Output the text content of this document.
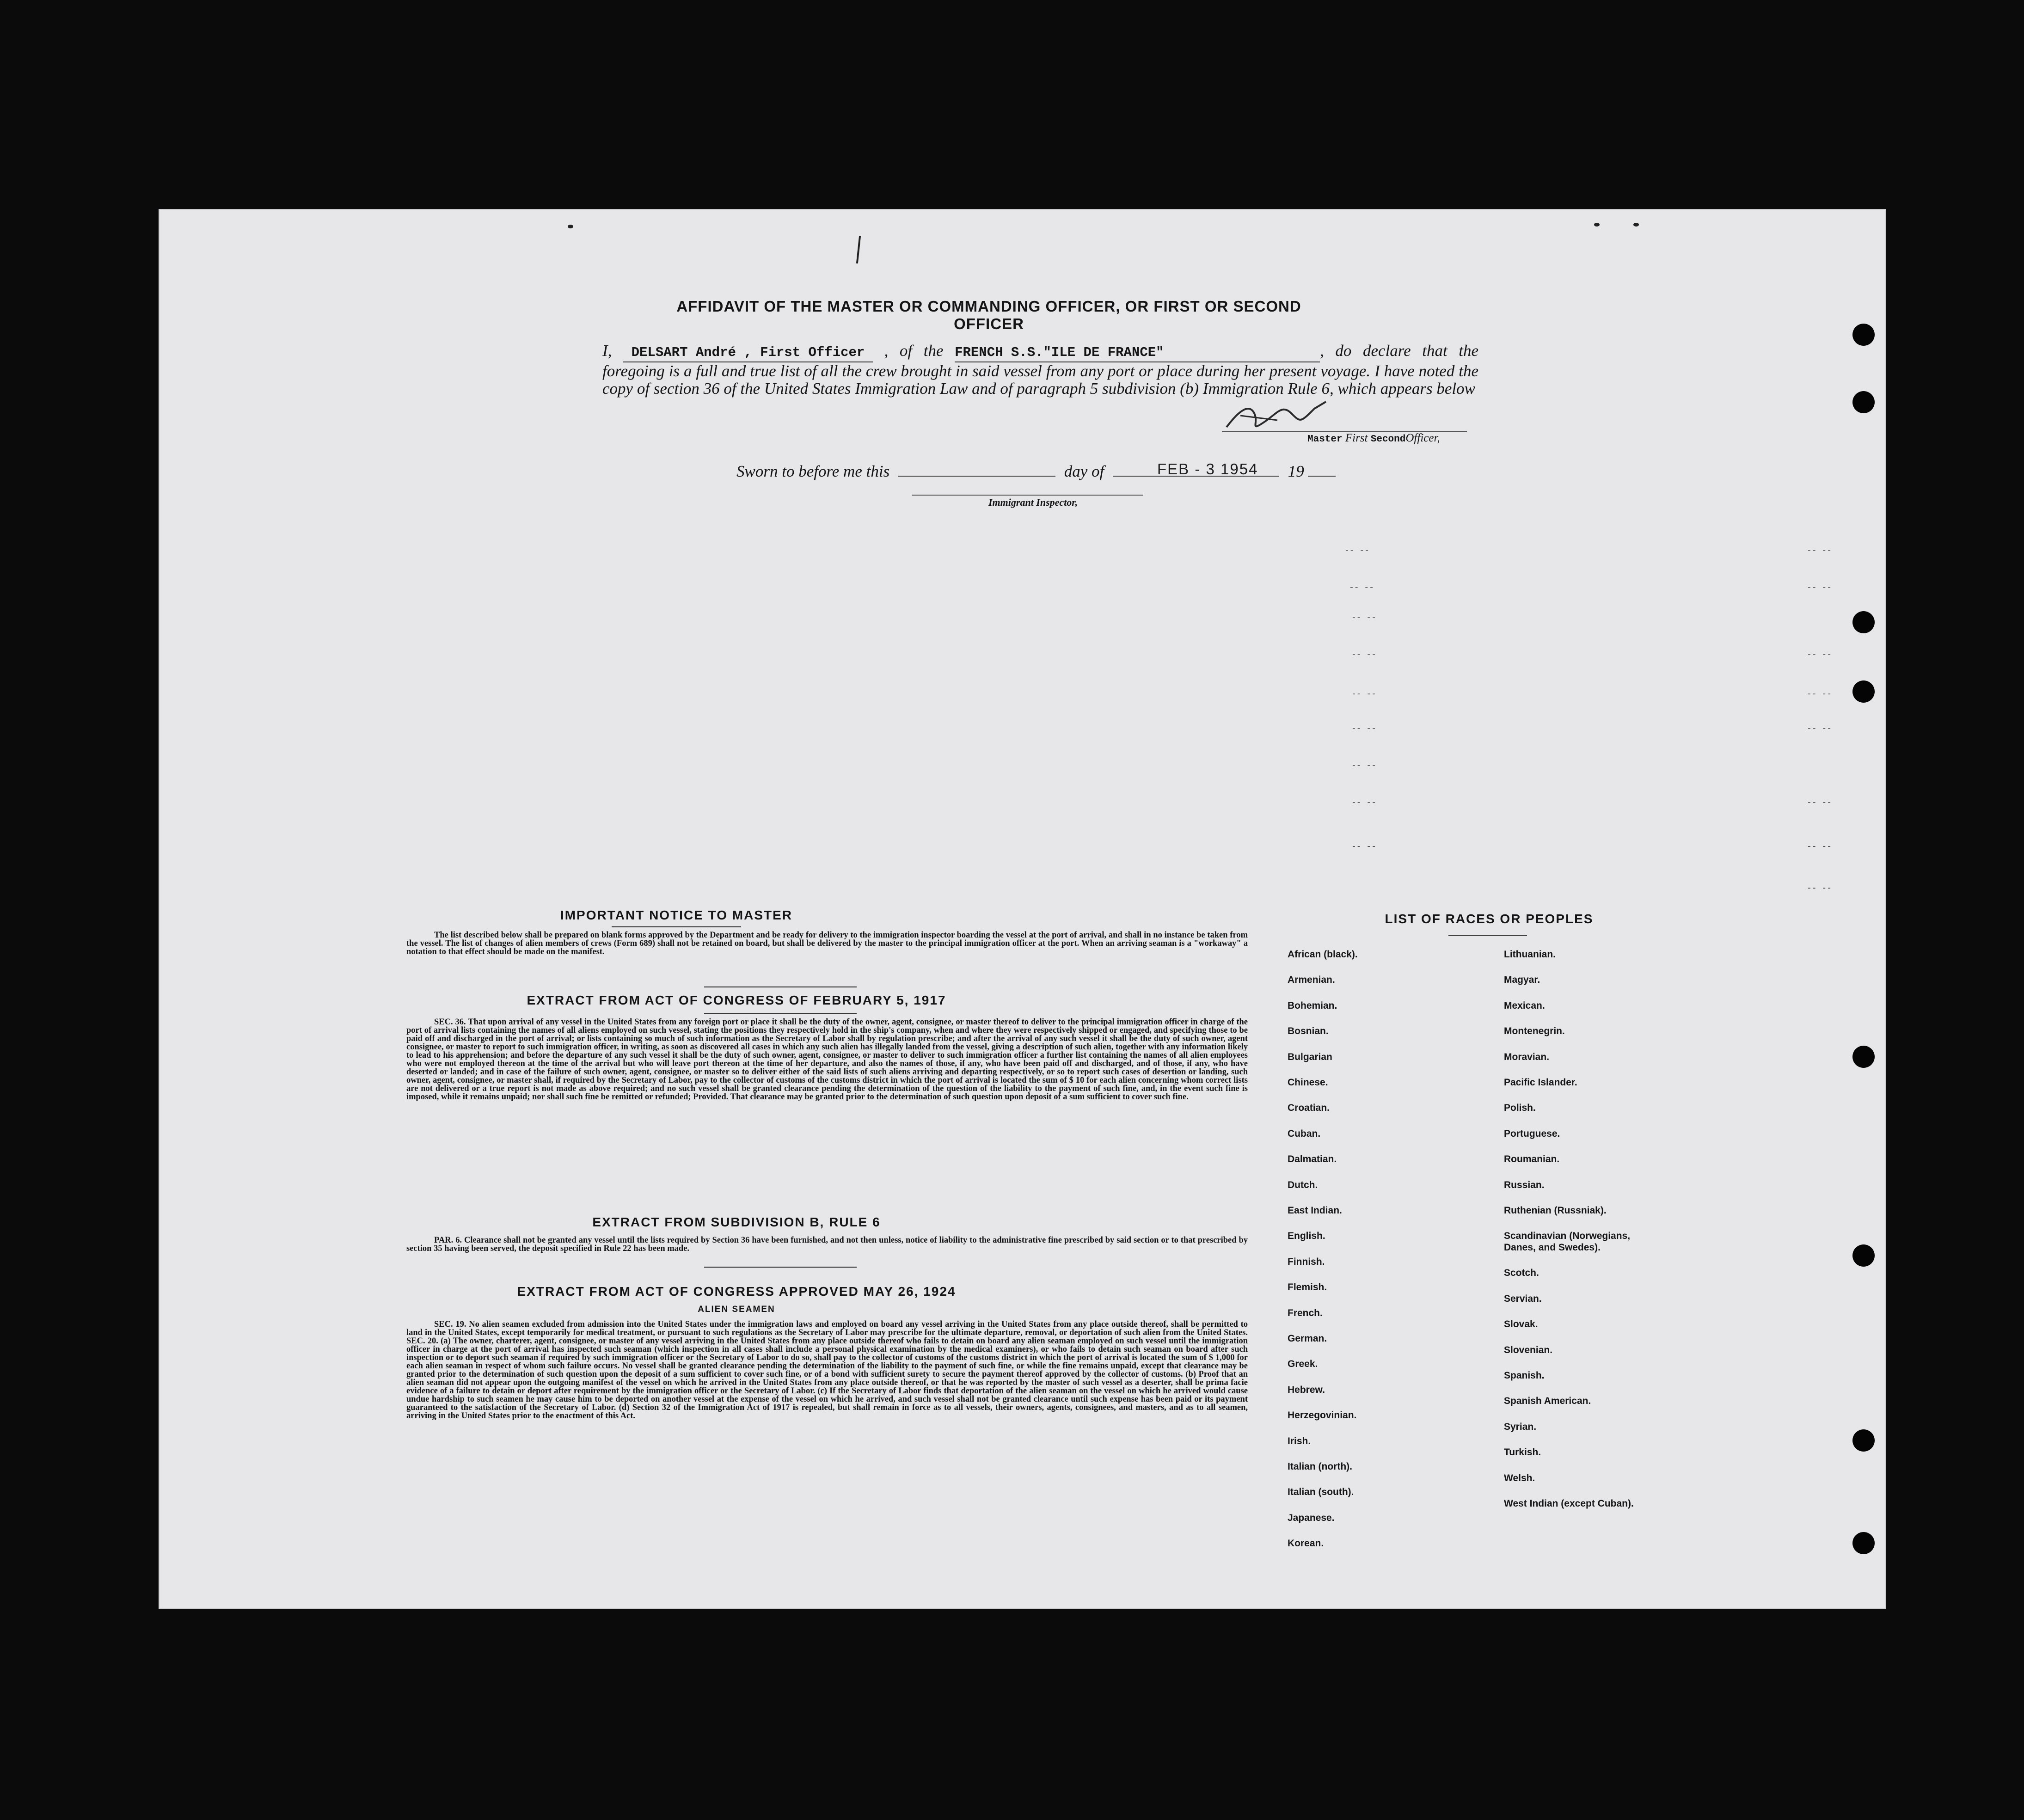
AFFIDAVIT OF THE MASTER OR COMMANDING OFFICER, OR FIRST OR SECOND OFFICER
I, DELSART André , First Officer , of the FRENCH S.S."ILE DE FRANCE"	, do declare that the foregoing is a full and true list of all the crew brought in said vessel from any port or place during her present voyage. I have noted the copy of section 36 of the United States Immigration Law and of paragraph 5 subdivision (b) Immigration Rule 6, which appears below
Master First SecondOfficer,
Sworn to before me this	day of	19
FEB - 3 1954
Immigrant Inspector,
-- --	-- --
-- --	-- --
-- --
-- --	-- --
-- --	-- --
-- --	-- --
-- --
-- --	-- --
-- --	-- --
-- --
IMPORTANT NOTICE TO MASTER
The list described below shall be prepared on blank forms approved by the Department and be ready for delivery to the immigration inspector boarding the vessel at the port of arrival, and shall in no instance be taken from the vessel. The list of changes of alien members of crews (Form 689) shall not be retained on board, but shall be delivered by the master to the principal immigration officer at the port. When an arriving seaman is a "workaway" a notation to that effect should be made on the manifest.
EXTRACT FROM ACT OF CONGRESS OF FEBRUARY 5, 1917
SEC. 36. That upon arrival of any vessel in the United States from any foreign port or place it shall be the duty of the owner, agent, consignee, or master thereof to deliver to the principal immigration officer in charge of the port of arrival lists containing the names of all aliens employed on such vessel, stating the positions they respectively hold in the ship's company, when and where they were respectively shipped or engaged, and specifying those to be paid off and discharged in the port of arrival; or lists containing so much of such information as the Secretary of Labor shall by regulation prescribe; and after the arrival of any such vessel it shall be the duty of such owner, agent consignee, or master to report to such immigration officer, in writing, as soon as discovered all cases in which any such alien has illegally landed from the vessel, giving a description of such alien, together with any information likely to lead to his apprehension; and before the departure of any such vessel it shall be the duty of such owner, agent, consignee, or master to deliver to such immigration officer a further list containing the names of all alien employees who were not employed thereon at the time of the arrival but who will leave port thereon at the time of her departure, and also the names of those, if any, who have been paid off and discharged, and of those, if any, who have deserted or landed; and in case of the failure of such owner, agent, consignee, or master so to deliver either of the said lists of such aliens arriving and departing respectively, or so to report such cases of desertion or landing, such owner, agent, consignee, or master shall, if required by the Secretary of Labor, pay to the collector of customs of the customs district in which the port of arrival is located the sum of $ 10 for each alien concerning whom correct lists are not delivered or a true report is not made as above required; and no such vessel shall be granted clearance pending the determination of the question of the liability to the payment of such fine, and, in the event such fine is imposed, while it remains unpaid; nor shall such fine be remitted or refunded; Provided. That clearance may be granted prior to the determination of such question upon deposit of a sum sufficient to cover such fine.
EXTRACT FROM SUBDIVISION B, RULE 6
PAR. 6. Clearance shall not be granted any vessel until the lists required by Section 36 have been furnished, and not then unless, notice of liability to the administrative fine prescribed by said section or to that prescribed by section 35 having been served, the deposit specified in Rule 22 has been made.
EXTRACT FROM ACT OF CONGRESS APPROVED MAY 26, 1924
ALIEN SEAMEN
SEC. 19. No alien seamen excluded from admission into the United States under the immigration laws and employed on board any vessel arriving in the United States from any place outside thereof, shall be permitted to land in the United States, except temporarily for medical treatment, or pursuant to such regulations as the Secretary of Labor may prescribe for the ultimate departure, removal, or deportation of such alien from the United States. SEC. 20. (a) The owner, charterer, agent, consignee, or master of any vessel arriving in the United States from any place outside thereof who fails to detain on board any alien seaman employed on such vessel until the immigration officer in charge at the port of arrival has inspected such seaman (which inspection in all cases shall include a personal physical examination by the medical examiners), or who fails to detain such seaman on board after such inspection or to deport such seaman if required by such immigration officer or the Secretary of Labor to do so, shall pay to the collector of customs of the customs district in which the port of arrival is located the sum of $ 1,000 for each alien seaman in respect of whom such failure occurs. No vessel shall be granted clearance pending the determination of the liability to the payment of such fine, or while the fine remains unpaid, except that clearance may be granted prior to the determination of such question upon the deposit of a sum sufficient to cover such fine, or of a bond with sufficient surety to secure the payment thereof approved by the collector of customs. (b) Proof that an alien seaman did not appear upon the outgoing manifest of the vessel on which he arrived in the United States from any place outside thereof, or that he was reported by the master of such vessel as a deserter, shall be prima facie evidence of a failure to detain or deport after requirement by the immigration officer or the Secretary of Labor. (c) If the Secretary of Labor finds that deportation of the alien seaman on the vessel on which he arrived would cause undue hardship to such seamen he may cause him to be deported on another vessel at the expense of the vessel on which he arrived, and such vessel shall not be granted clearance until such expense has been paid or its payment guaranteed to the satisfaction of the Secretary of Labor. (d) Section 32 of the Immigration Act of 1917 is repealed, but shall remain in force as to all vessels, their owners, agents, consignees, and masters, and as to all seamen, arriving in the United States prior to the enactment of this Act.
LIST OF RACES OR PEOPLES
African (black).
Armenian.
Bohemian.
Bosnian.
Bulgarian
Chinese.
Croatian.
Cuban.
Dalmatian.
Dutch.
East Indian.
English.
Finnish.
Flemish.
French.
German.
Greek.
Hebrew.
Herzegovinian.
Irish.
Italian (north).
Italian (south).
Japanese.
Korean.
Lithuanian.
Magyar.
Mexican.
Montenegrin.
Moravian.
Pacific Islander.
Polish.
Portuguese.
Roumanian.
Russian.
Ruthenian (Russniak).
Scandinavian (Norwegians, Danes, and Swedes).
Scotch.
Servian.
Slovak.
Slovenian.
Spanish.
Spanish American.
Syrian.
Turkish.
Welsh.
West Indian (except Cuban).
